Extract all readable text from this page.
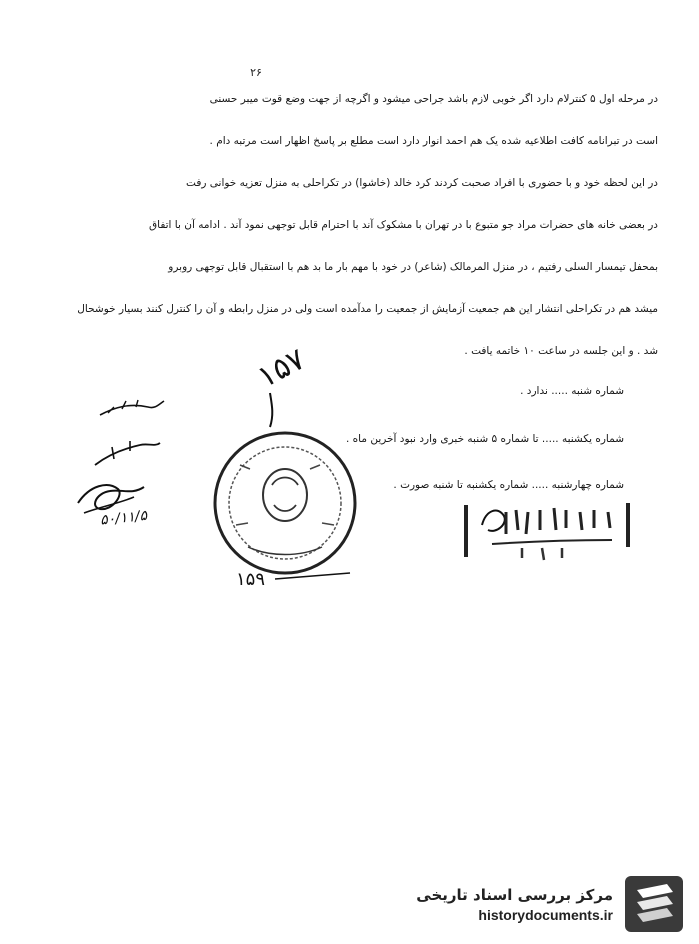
۲۶
در مرحله اول ۵ کنترلام دارد اگر خوبی لازم باشد جراحی میشود و اگرچه از جهت وضع قوت میبر حسنی
است در تبرانامه کافت اطلاعیه شده یک هم احمد انوار دارد است مطلع بر پاسخ اظهار است مرتبه دام .
در این لحظه خود و با حضوری با افراد صحبت کردند کرد خالد (خاشوا) در تکراحلی به منزل تعزیه خوانی رفت
در بعضی خانه های حضرات مراد جو متبوع با در تهران با مشکوک آند با احترام قابل توجهی نمود آند . ادامه آن با اتفاق
بمحفل تیمسار السلی رفتیم ، در منزل المرمالک (شاعر) در خود با مهم بار ما بد هم با استقبال قابل توجهی روبرو
میشد هم در تکراحلی انتشار این هم جمعیت آزمایش از جمعیت را مدآمده است ولی در منزل رابطه و آن را کنترل کنند بسیار خوشحال
شد . و این جلسه در ساعت ۱۰ خاتمه یافت .
شماره شنبه ..... ندارد .
شماره یکشنبه ..... تا شماره ۵ شنبه خبری وارد نبود آخرین ماه .
شماره چهارشنبه ..... شماره یکشنبه تا شنبه صورت .
۵۰/۱۱/۵
۱۵۷
۱۵۹
مرکز بررسی اسناد تاریخی
historydocuments.ir
